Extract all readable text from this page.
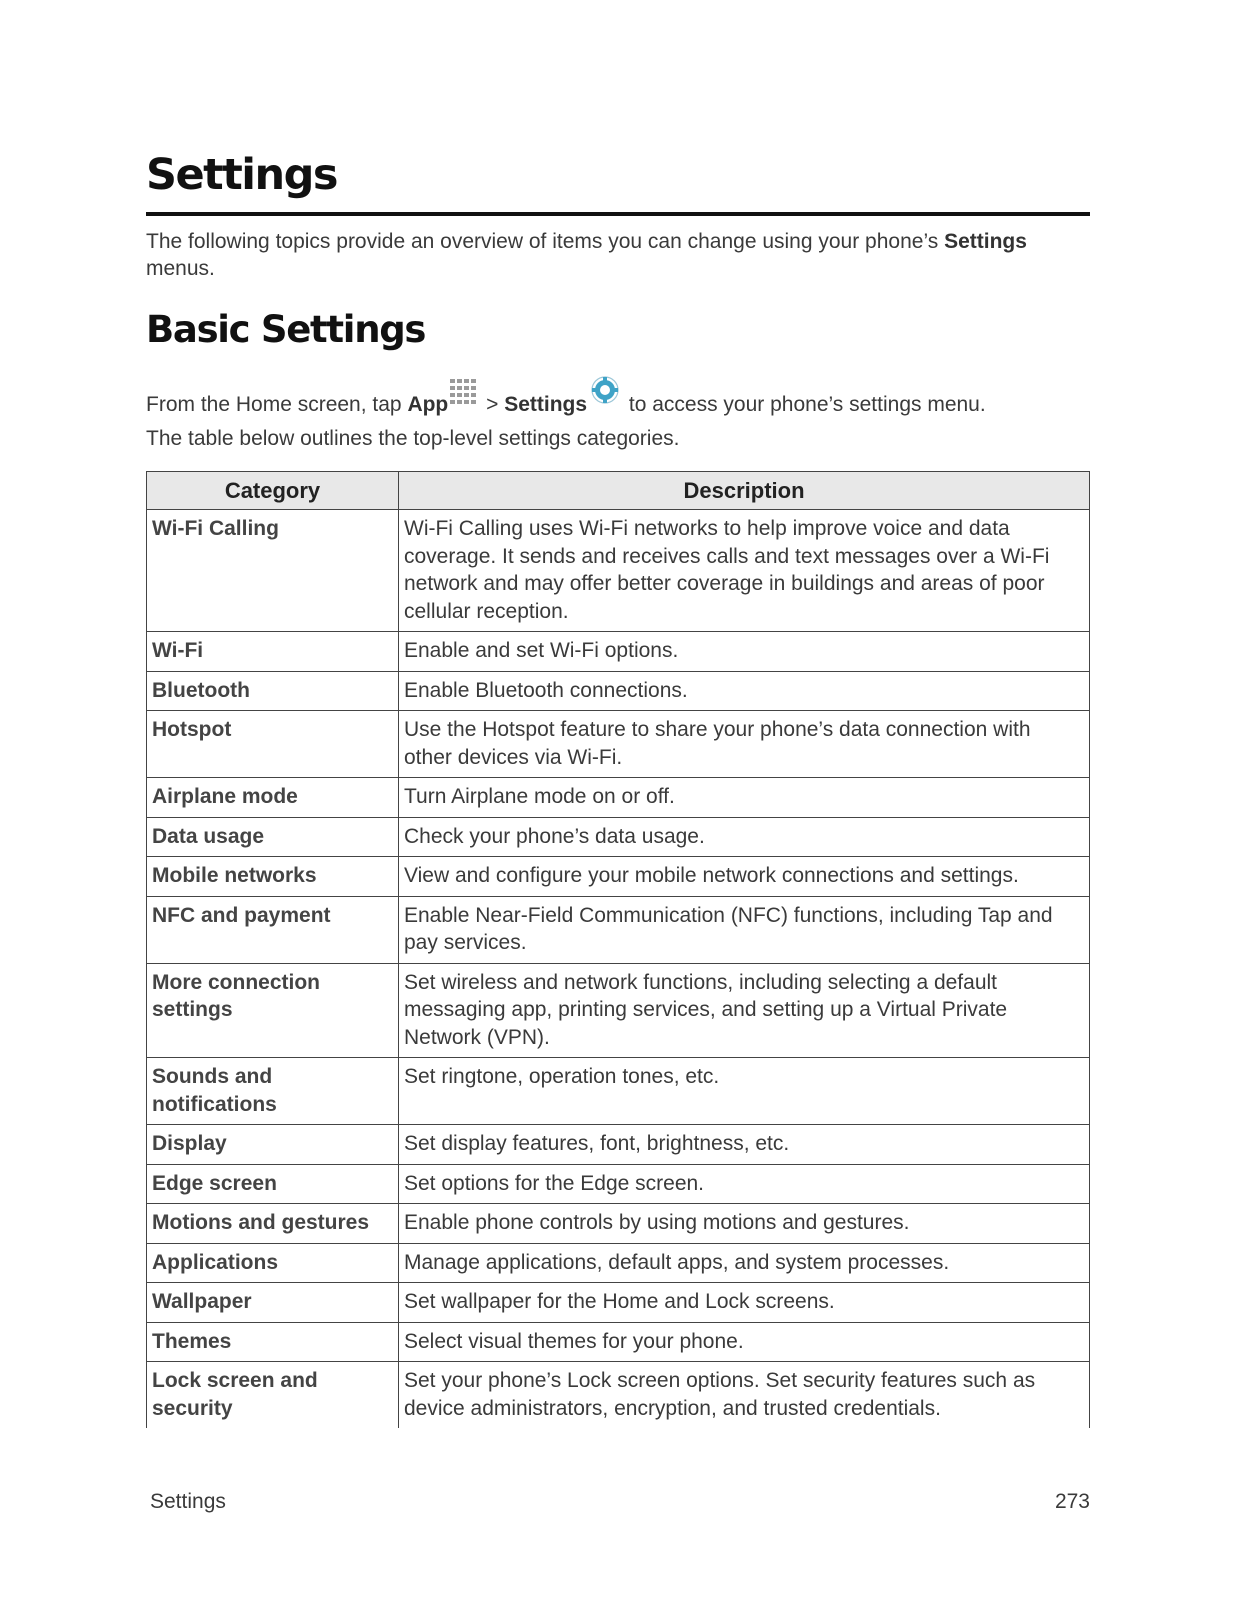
Settings

The following topics provide an overview of items you can change using your phone’s Settings menus.

Basic Settings

From the Home screen, tap App > Settings to access your phone’s settings menu.

The table below outlines the top-level settings categories.

Category	Description
Wi-Fi Calling	Wi-Fi Calling uses Wi-Fi networks to help improve voice and data coverage. It sends and receives calls and text messages over a Wi-Fi network and may offer better coverage in buildings and areas of poor cellular reception.
Wi-Fi	Enable and set Wi-Fi options.
Bluetooth	Enable Bluetooth connections.
Hotspot	Use the Hotspot feature to share your phone’s data connection with other devices via Wi-Fi.
Airplane mode	Turn Airplane mode on or off.
Data usage	Check your phone’s data usage.
Mobile networks	View and configure your mobile network connections and settings.
NFC and payment	Enable Near-Field Communication (NFC) functions, including Tap and pay services.
More connection settings	Set wireless and network functions, including selecting a default messaging app, printing services, and setting up a Virtual Private Network (VPN).
Sounds and notifications	Set ringtone, operation tones, etc.
Display	Set display features, font, brightness, etc.
Edge screen	Set options for the Edge screen.
Motions and gestures	Enable phone controls by using motions and gestures.
Applications	Manage applications, default apps, and system processes.
Wallpaper	Set wallpaper for the Home and Lock screens.
Themes	Select visual themes for your phone.
Lock screen and security	Set your phone’s Lock screen options. Set security features such as device administrators, encryption, and trusted credentials.
Settings	273
